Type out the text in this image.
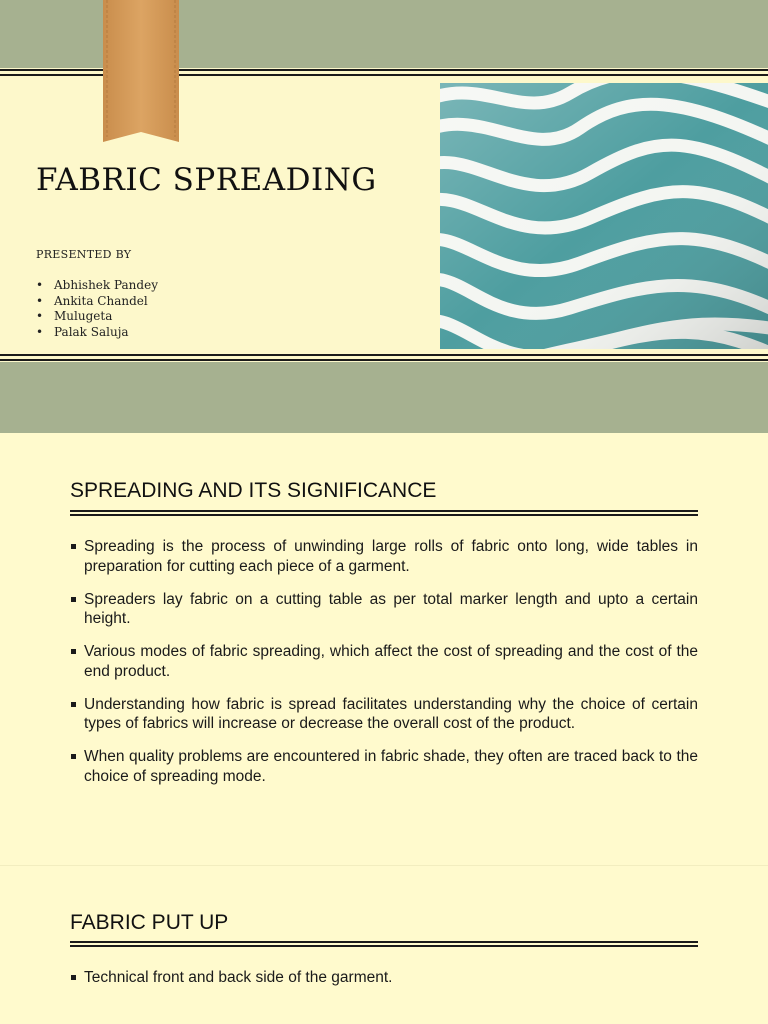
FABRIC SPREADING
PRESENTED BY
• Abhishek Pandey
• Ankita Chandel
• Mulugeta
• Palak Saluja
SPREADING AND ITS SIGNIFICANCE
Spreading is the process of unwinding large rolls of fabric onto long, wide tables in preparation for cutting each piece of a garment.
Spreaders lay fabric on a cutting table as per total marker length and upto a certain height.
Various modes of fabric spreading, which affect the cost of spreading and the cost of the end product.
Understanding how fabric is spread facilitates understanding why the choice of certain types of fabrics will increase or decrease the overall cost of the product.
When quality problems are encountered in fabric shade, they often are traced back to the choice of spreading mode.
FABRIC PUT UP
Technical front and back side of the garment.
